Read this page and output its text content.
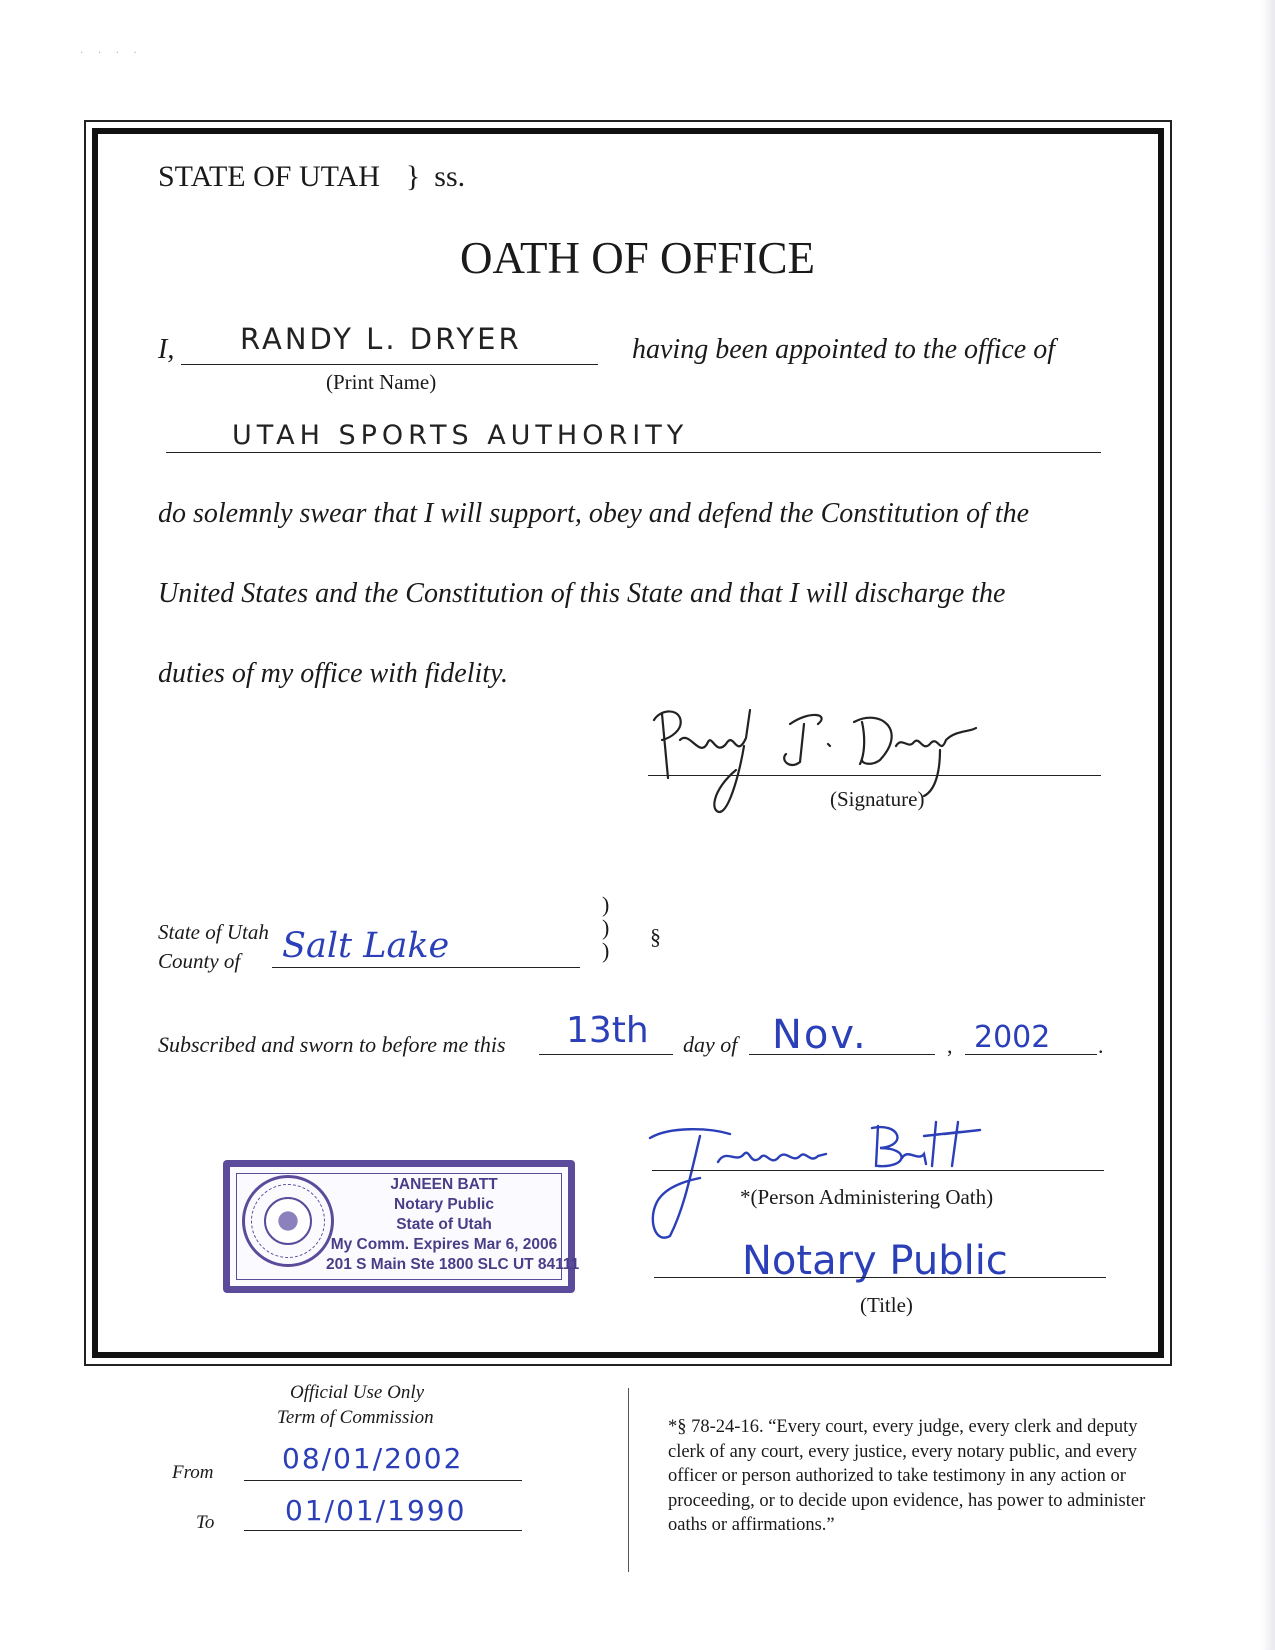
· · · ·
STATE OF UTAH } ss.
OATH OF OFFICE
I, RANDY L. DRYER
(Print Name)
having been appointed to the office of
UTAH SPORTS AUTHORITY
do solemnly swear that I will support, obey and defend the Constitution of the
United States and the Constitution of this State and that I will discharge the
duties of my office with fidelity.
(Signature)
State of Utah
County of Salt Lake
)
)
)
§
Subscribed and sworn to before me this 13th day of Nov.	, 2002 .
JANEEN BATT
Notary Public
State of Utah
My Comm. Expires Mar 6, 2006
201 S Main Ste 1800 SLC UT 84111
*(Person Administering Oath)
Notary Public
(Title)
Official Use Only
Term of Commission
From 08/01/2002
To	01/01/1990
*§ 78-24-16. “Every court, every judge, every clerk and deputy clerk of any court, every justice, every notary public, and every officer or person authorized to take testimony in any action or proceeding, or to decide upon evidence, has power to administer oaths or affirmations.”
